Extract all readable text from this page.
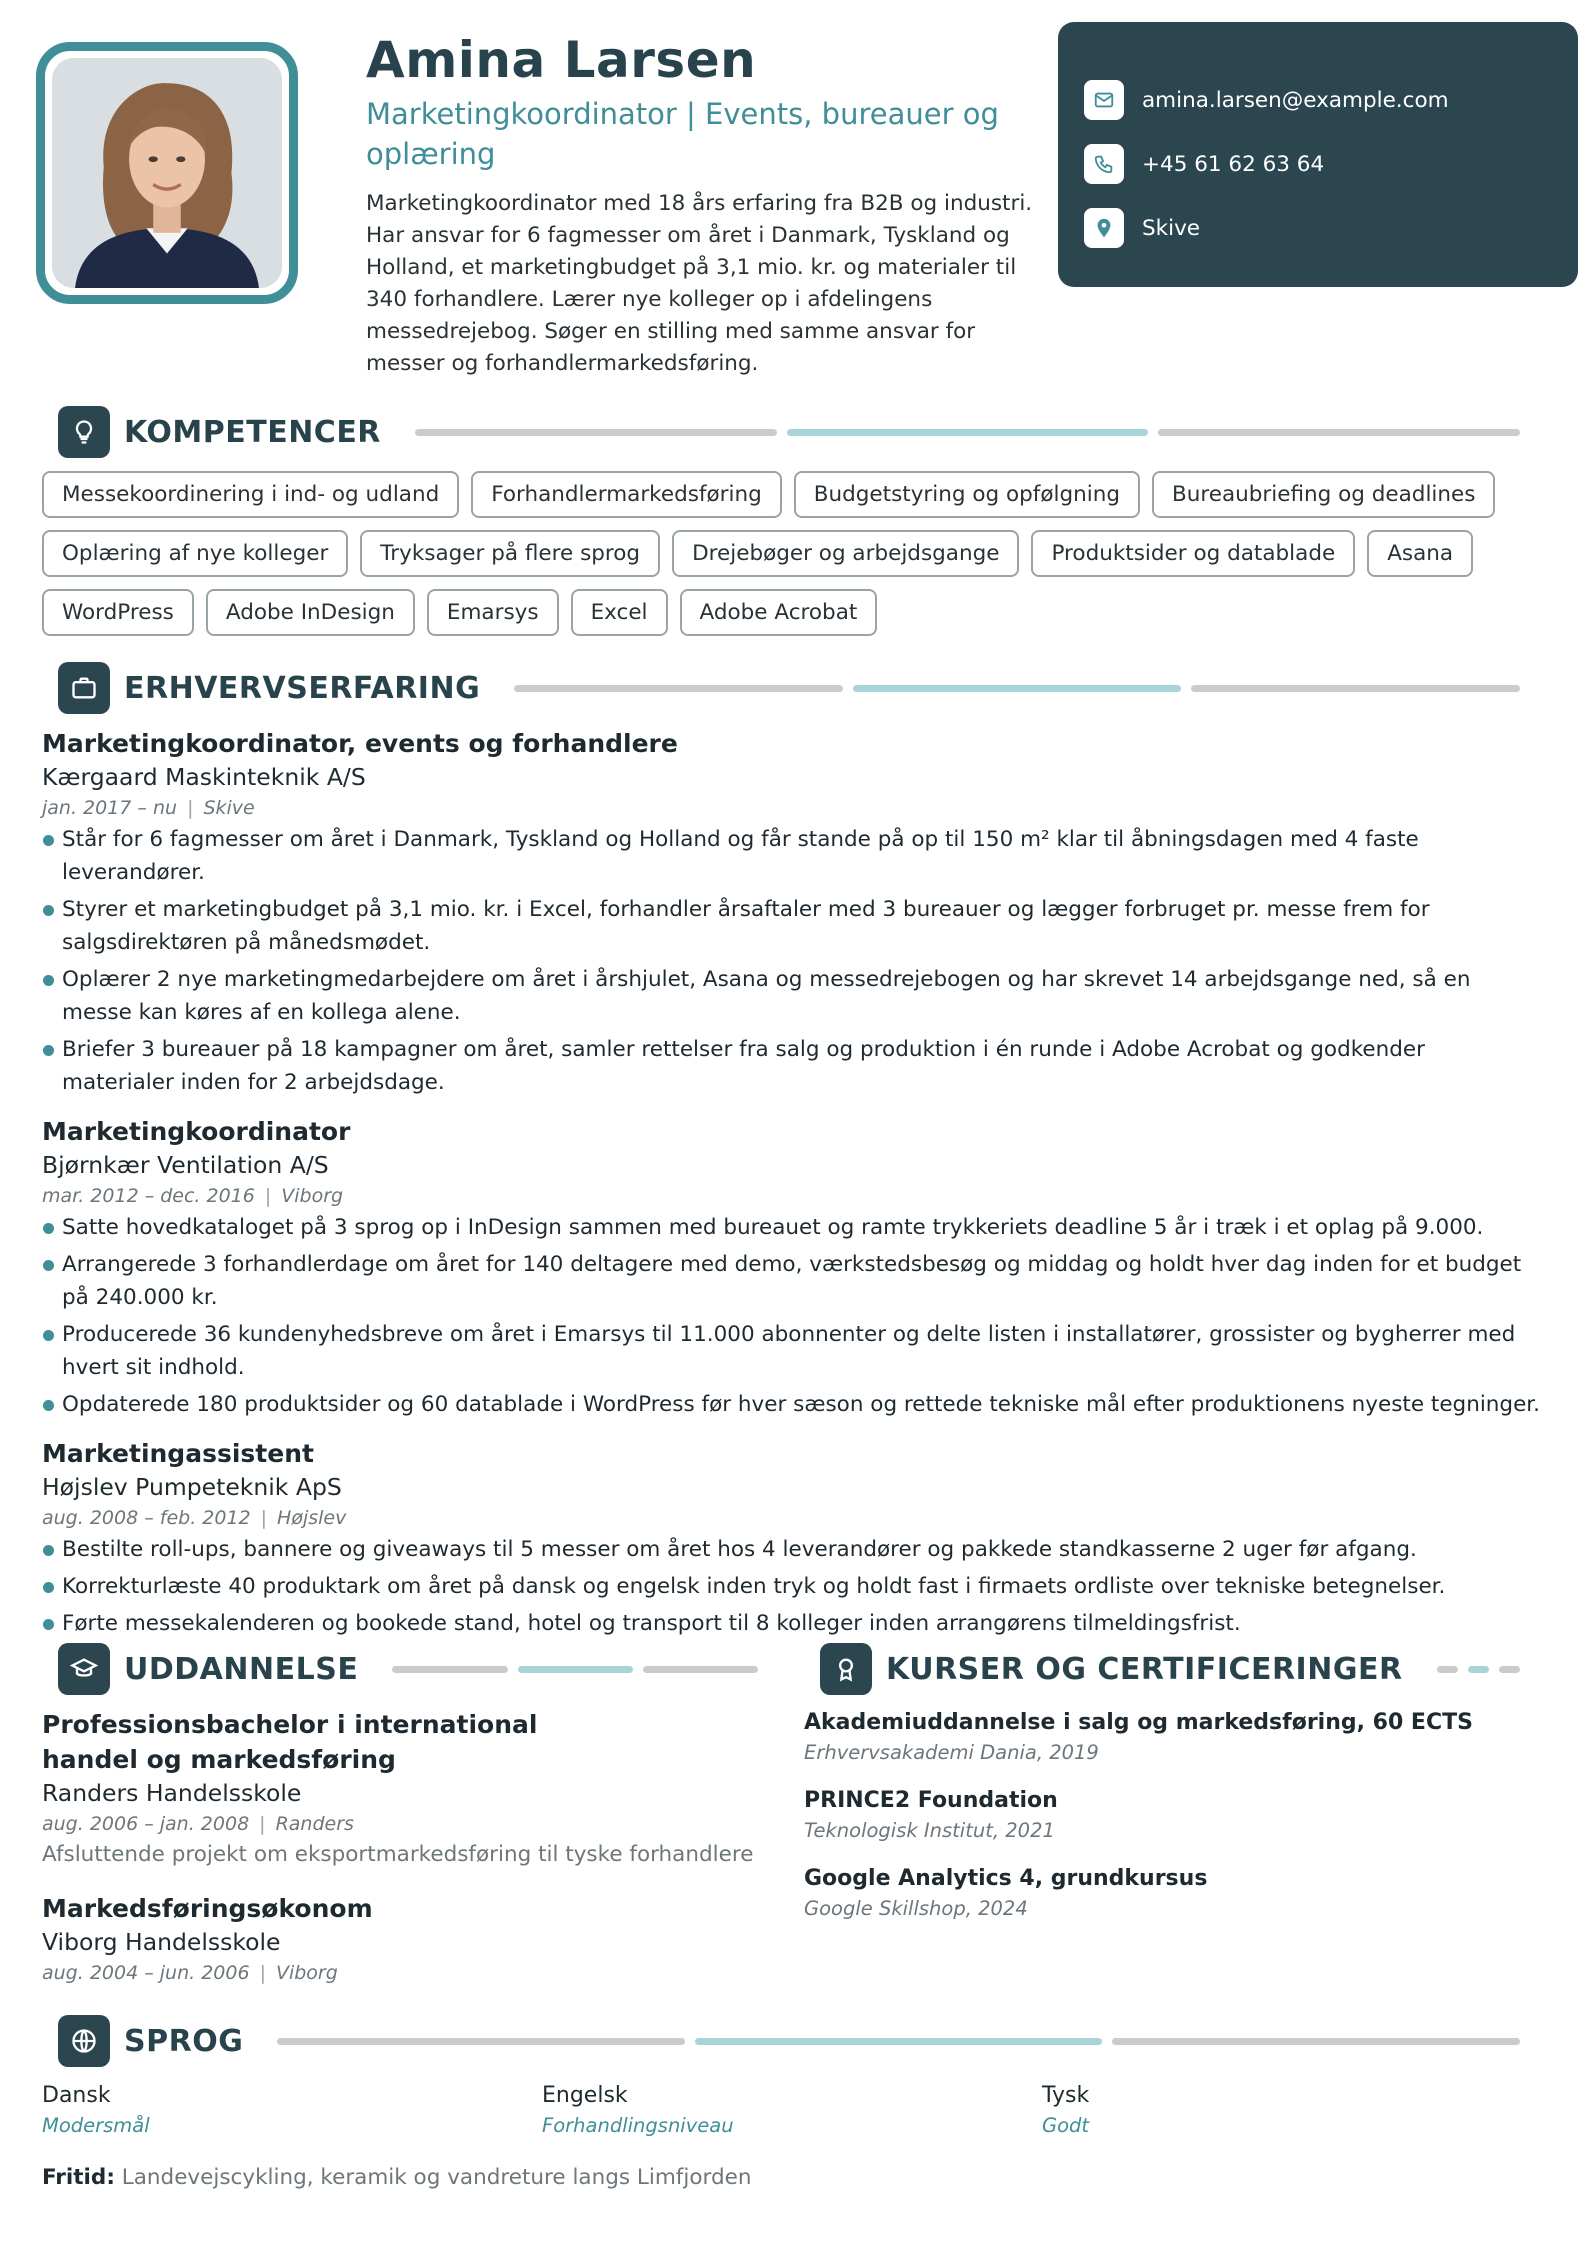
Amina Larsen
Marketingkoordinator | Events, bureauer og oplæring
Marketingkoordinator med 18 års erfaring fra B2B og industri. Har ansvar for 6 fagmesser om året i Danmark, Tyskland og Holland, et marketingbudget på 3,1 mio. kr. og materialer til 340 forhandlere. Lærer nye kolleger op i afdelingens messedrejebog. Søger en stilling med samme ansvar for messer og forhandlermarkedsføring.
amina.larsen@example.com
+45 61 62 63 64
Skive
KOMPETENCER
Messekoordinering i ind- og udland	Forhandlermarkedsføring	Budgetstyring og opfølgning	Bureaubriefing og deadlines
Oplæring af nye kolleger	Tryksager på flere sprog	Drejebøger og arbejdsgange	Produktsider og datablade	Asana
WordPress	Adobe InDesign	Emarsys	Excel	Adobe Acrobat
ERHVERVSERFARING
Marketingkoordinator, events og forhandlere
Kærgaard Maskinteknik A/S
jan. 2017 – nu | Skive
Står for 6 fagmesser om året i Danmark, Tyskland og Holland og får stande på op til 150 m² klar til åbningsdagen med 4 faste leverandører.
Styrer et marketingbudget på 3,1 mio. kr. i Excel, forhandler årsaftaler med 3 bureauer og lægger forbruget pr. messe frem for salgsdirektøren på månedsmødet.
Oplærer 2 nye marketingmedarbejdere om året i årshjulet, Asana og messedrejebogen og har skrevet 14 arbejdsgange ned, så en messe kan køres af en kollega alene.
Briefer 3 bureauer på 18 kampagner om året, samler rettelser fra salg og produktion i én runde i Adobe Acrobat og godkender materialer inden for 2 arbejdsdage.
Marketingkoordinator
Bjørnkær Ventilation A/S
mar. 2012 – dec. 2016 | Viborg
Satte hovedkataloget på 3 sprog op i InDesign sammen med bureauet og ramte trykkeriets deadline 5 år i træk i et oplag på 9.000.
Arrangerede 3 forhandlerdage om året for 140 deltagere med demo, værkstedsbesøg og middag og holdt hver dag inden for et budget på 240.000 kr.
Producerede 36 kundenyhedsbreve om året i Emarsys til 11.000 abonnenter og delte listen i installatører, grossister og bygherrer med hvert sit indhold.
Opdaterede 180 produktsider og 60 datablade i WordPress før hver sæson og rettede tekniske mål efter produktionens nyeste tegninger.
Marketingassistent
Højslev Pumpeteknik ApS
aug. 2008 – feb. 2012 | Højslev
Bestilte roll-ups, bannere og giveaways til 5 messer om året hos 4 leverandører og pakkede standkasserne 2 uger før afgang.
Korrekturlæste 40 produktark om året på dansk og engelsk inden tryk og holdt fast i firmaets ordliste over tekniske betegnelser.
Førte messekalenderen og bookede stand, hotel og transport til 8 kolleger inden arrangørens tilmeldingsfrist.
UDDANNELSE
Professionsbachelor i international handel og markedsføring
Randers Handelsskole
aug. 2006 – jan. 2008 | Randers
Afsluttende projekt om eksportmarkedsføring til tyske forhandlere
Markedsføringsøkonom
Viborg Handelsskole
aug. 2004 – jun. 2006 | Viborg
KURSER OG CERTIFICERINGER
Akademiuddannelse i salg og markedsføring, 60 ECTS
Erhvervsakademi Dania, 2019
PRINCE2 Foundation
Teknologisk Institut, 2021
Google Analytics 4, grundkursus
Google Skillshop, 2024
SPROG
Dansk
Modersmål
Engelsk
Forhandlingsniveau
Tysk
Godt
Fritid: Landevejscykling, keramik og vandreture langs Limfjorden
